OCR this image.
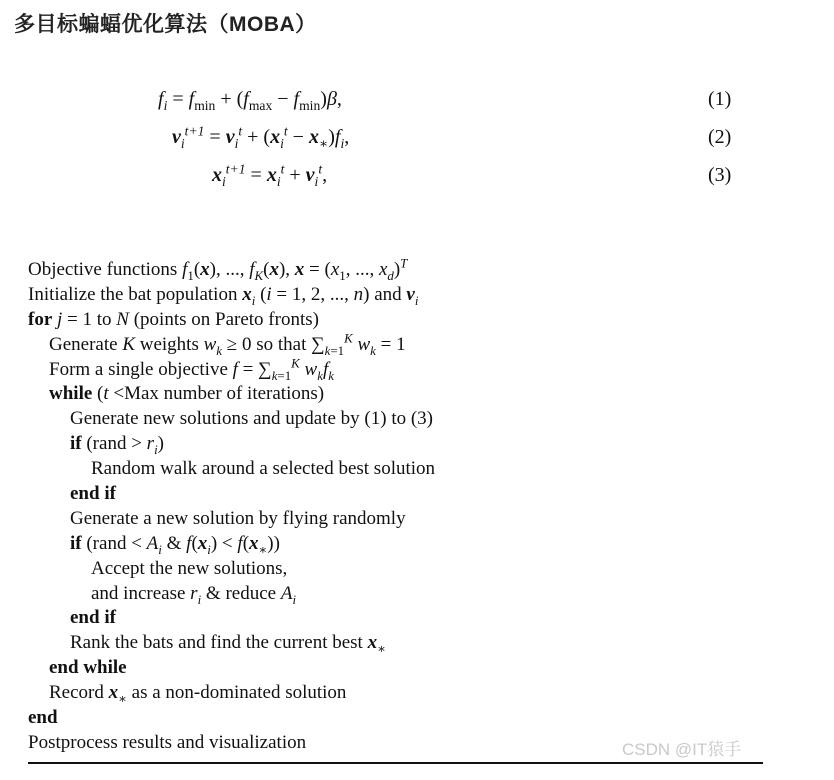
多目标蝙蝠优化算法（MOBA）
$f_i = f_{min} + (f_{max} - f_{min})\beta$,	(1)
$v_i^{t+1} = v_i^t + (x_i^t - x_∗)f_i$,	(2)
$x_i^{t+1} = x_i^t + v_i^t$,	(3)
Objective functions $f_1(x)$, ..., $f_K(x)$, $x = (x_1$, ..., $x_d)^T$
Initialize the bat population $x_i$ (i = 1, 2, ..., n) and $v_i$
for j = 1 to N (points on Pareto fronts)
Generate K weights $w_k \ge 0$ so that $\sum_{k=1}^K$ $w_k = 1$
Form a single objective $f = \sum_{k=1}^K$ $w_kf_k$
while (t <Max number of iterations)
Generate new solutions and update by (1) to (3)
if (rand > $r_i$)
Random walk around a selected best solution
end if
Generate a new solution by flying randomly
if (rand < $A_i$ & $f(x_i) < f(x_∗)$)
Accept the new solutions,
and increase $r_i$ & reduce $A_i$
end if
Rank the bats and find the current best $x_∗$
end while
Record $x_∗$ as a non-dominated solution
end
Postprocess results and visualization	CSDN @IT猿手
